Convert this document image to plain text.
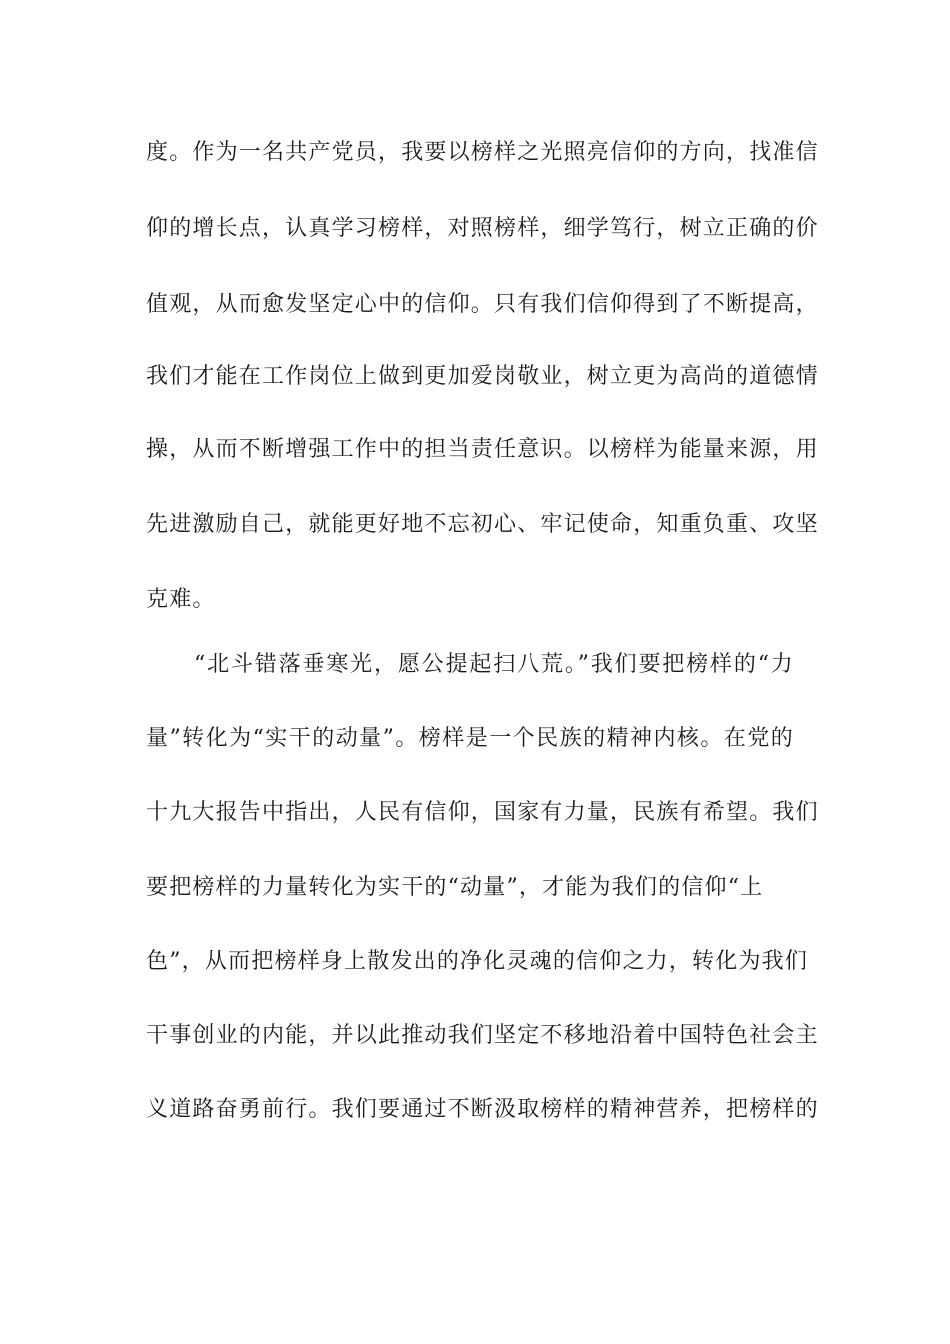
度。作为一名共产党员，我要以榜样之光照亮信仰的方向，找准信
仰的增长点，认真学习榜样，对照榜样，细学笃行，树立正确的价
值观，从而愈发坚定心中的信仰。只有我们信仰得到了不断提高，
我们才能在工作岗位上做到更加爱岗敬业，树立更为高尚的道德情
操，从而不断增强工作中的担当责任意识。以榜样为能量来源，用
先进激励自己，就能更好地不忘初心、牢记使命，知重负重、攻坚
克难。
“北斗错落垂寒光，愿公提起扫八荒。”我们要把榜样的“力
量”转化为“实干的动量”。榜样是一个民族的精神内核。在党的
十九大报告中指出，人民有信仰，国家有力量，民族有希望。我们
要把榜样的力量转化为实干的“动量”，才能为我们的信仰“上
色”，从而把榜样身上散发出的净化灵魂的信仰之力，转化为我们
干事创业的内能，并以此推动我们坚定不移地沿着中国特色社会主
义道路奋勇前行。我们要通过不断汲取榜样的精神营养，把榜样的
